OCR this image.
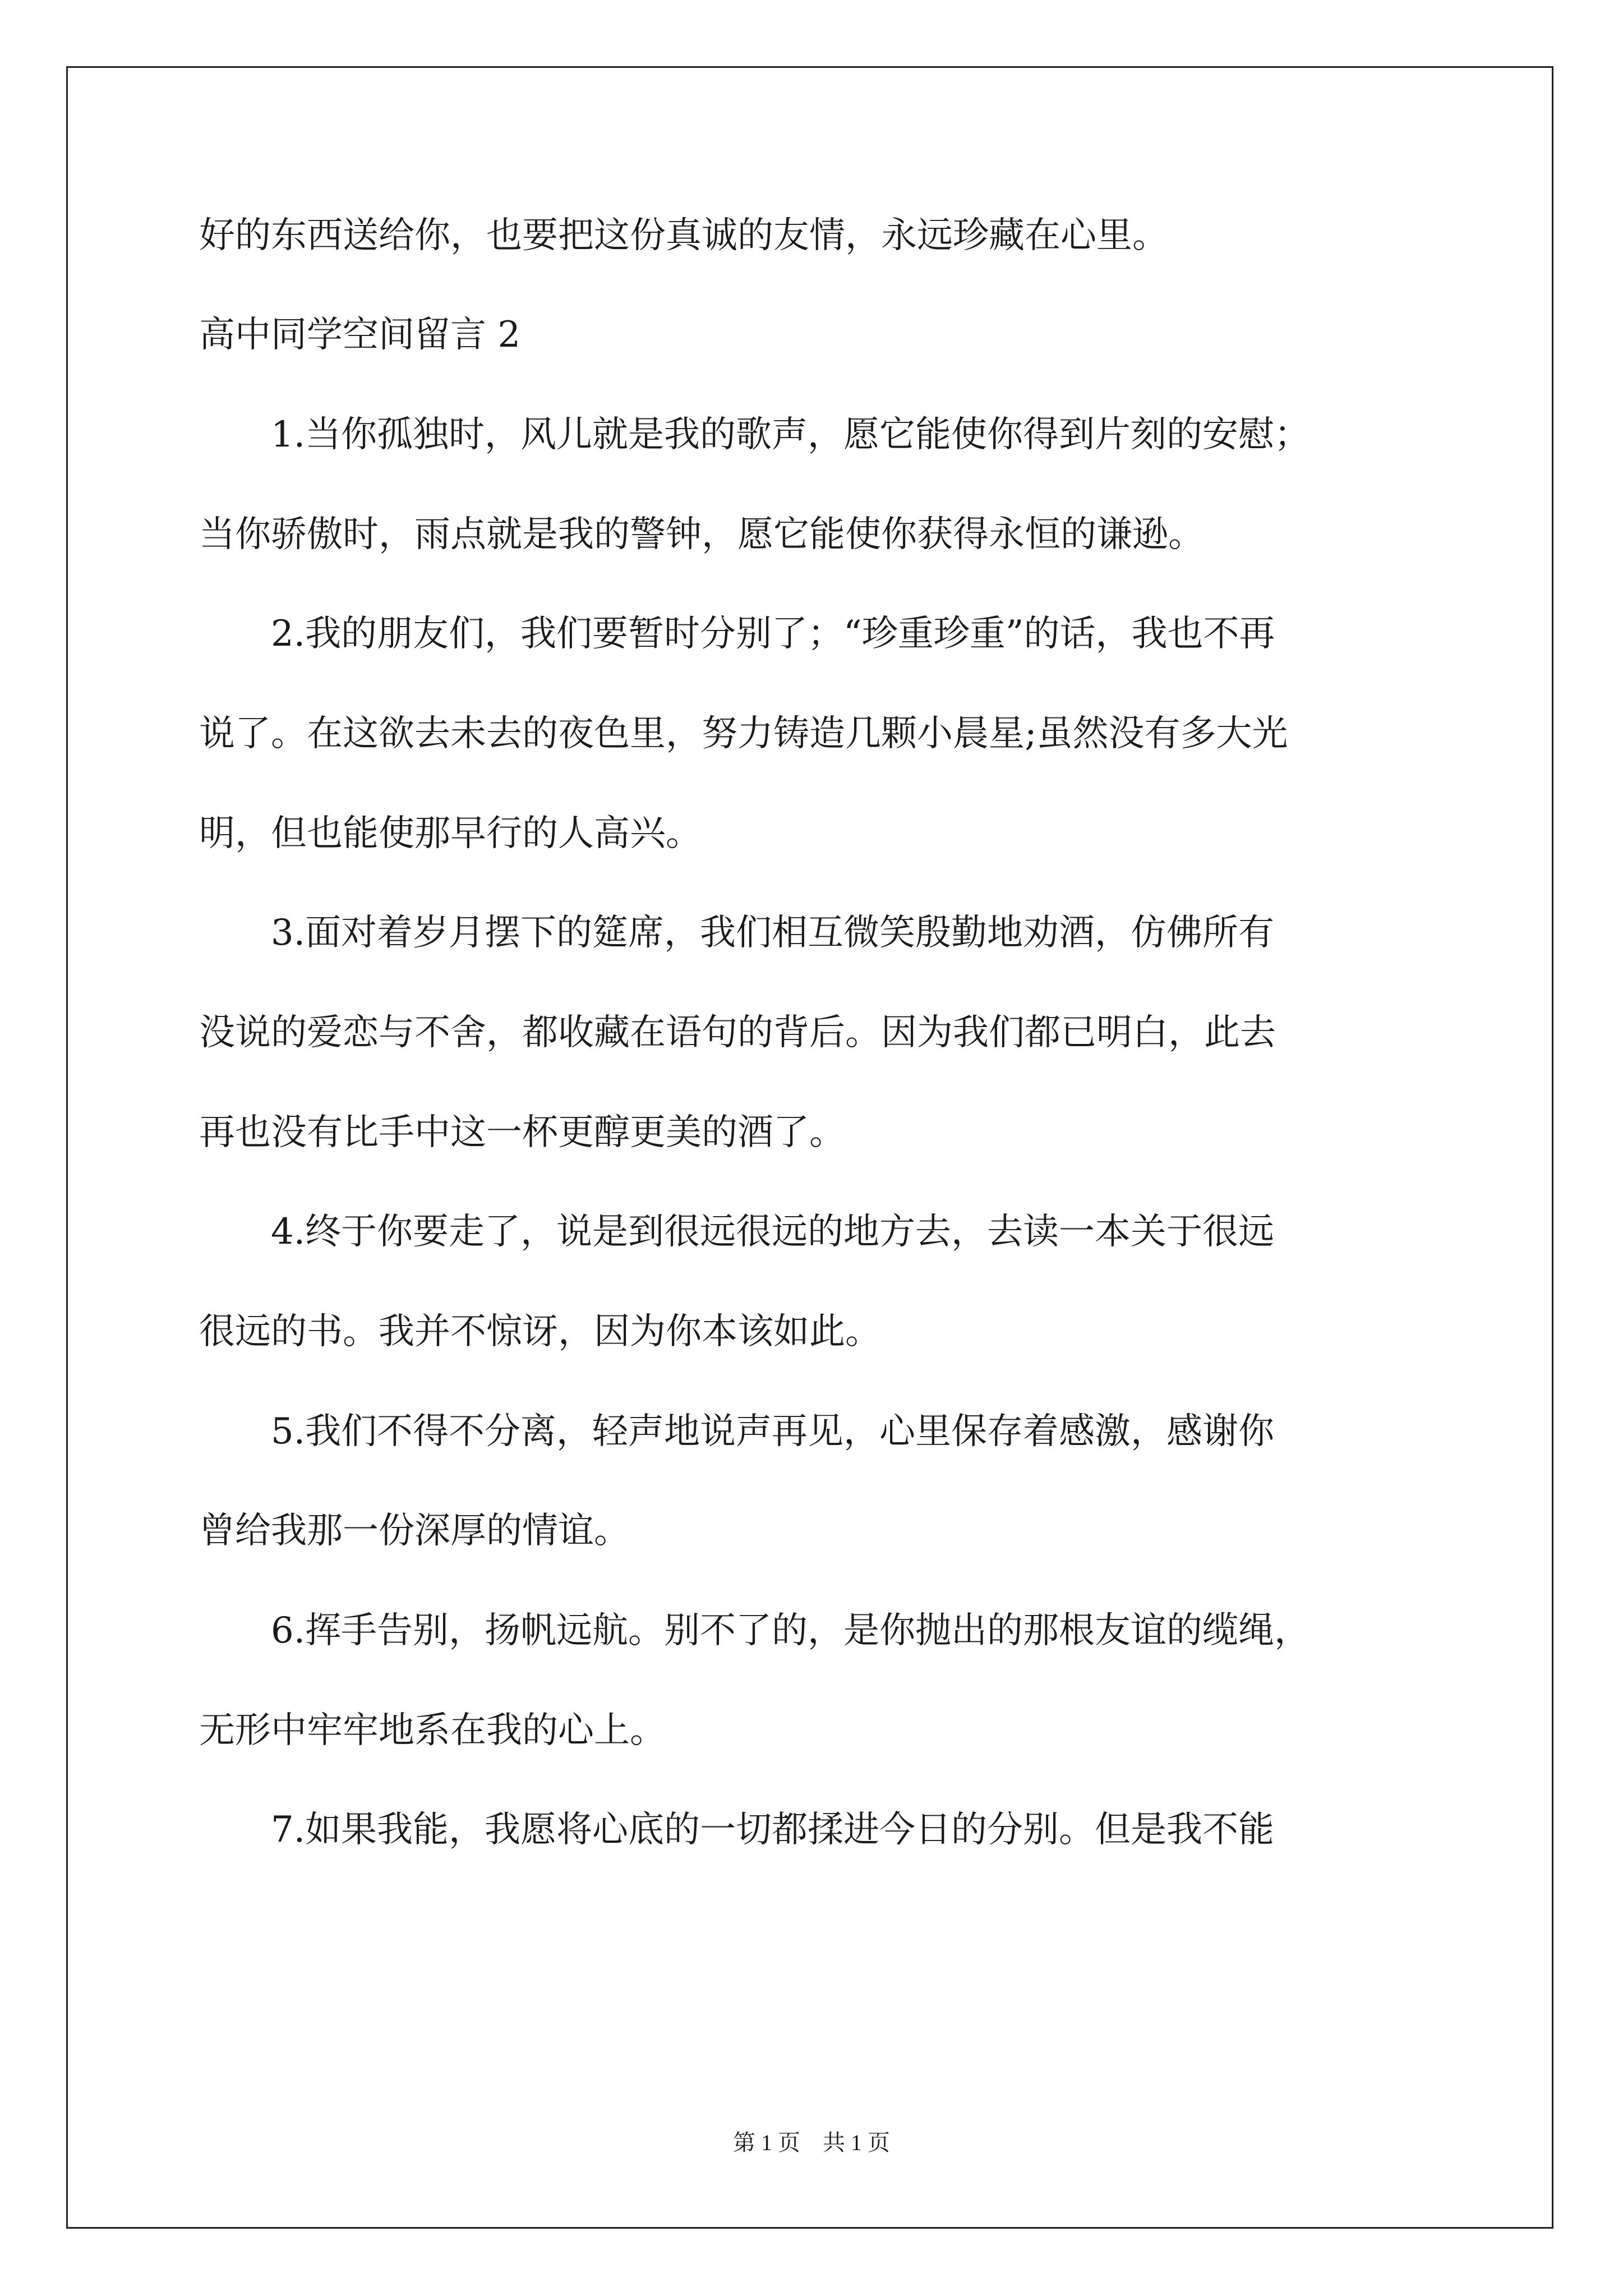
好的东西送给你，也要把这份真诚的友情，永远珍藏在心里。
高中同学空间留言 2
1.当你孤独时，风儿就是我的歌声，愿它能使你得到片刻的安慰；
当你骄傲时，雨点就是我的警钟，愿它能使你获得永恒的谦逊。
2.我的朋友们，我们要暂时分别了；“珍重珍重”的话，我也不再
说了。在这欲去未去的夜色里，努力铸造几颗小晨星;虽然没有多大光
明，但也能使那早行的人高兴。
3.面对着岁月摆下的筵席，我们相互微笑殷勤地劝酒，仿佛所有
没说的爱恋与不舍，都收藏在语句的背后。因为我们都已明白，此去
再也没有比手中这一杯更醇更美的酒了。
4.终于你要走了，说是到很远很远的地方去，去读一本关于很远
很远的书。我并不惊讶，因为你本该如此。
5.我们不得不分离，轻声地说声再见，心里保存着感激，感谢你
曾给我那一份深厚的情谊。
6.挥手告别，扬帆远航。别不了的，是你抛出的那根友谊的缆绳，
无形中牢牢地系在我的心上。
7.如果我能，我愿将心底的一切都揉进今日的分别。但是我不能
第 1 页　共 1 页
